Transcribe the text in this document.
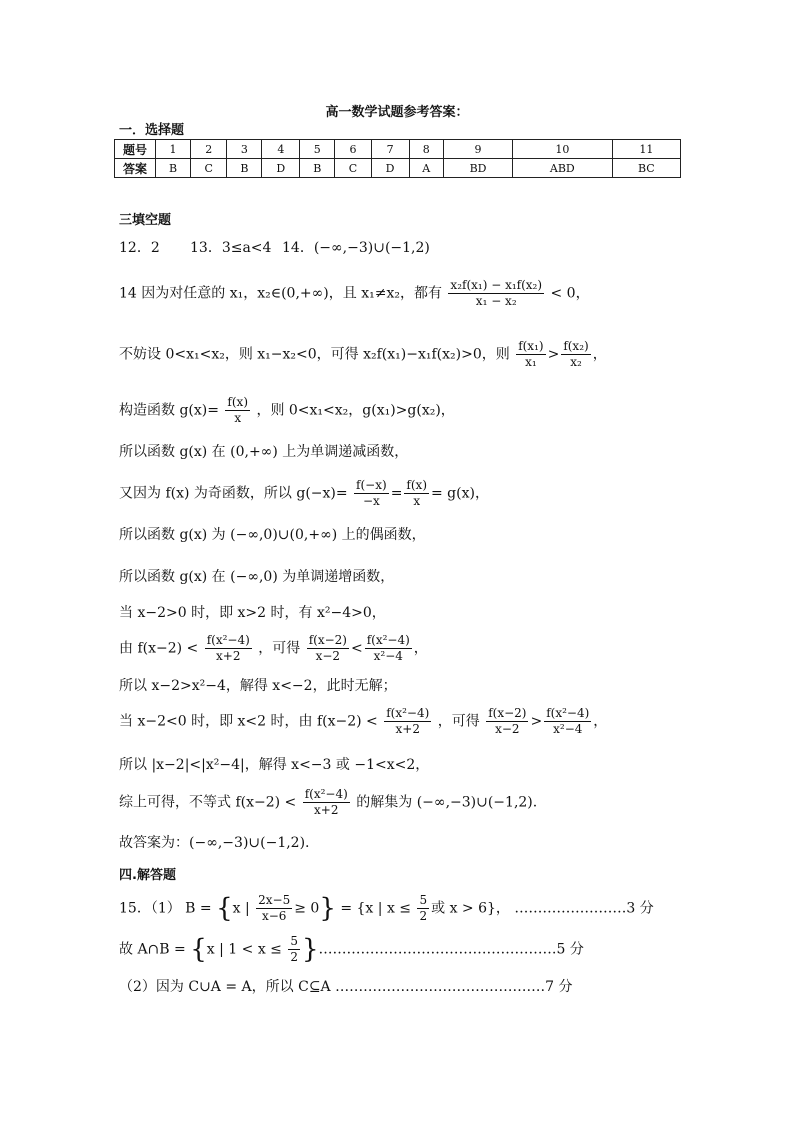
高一数学试题参考答案：
一．选择题
题号	1	2	3	4	5	6	7	8	9	10	11
答案	B	C	B	D	B	C	D	A	BD	ABD	BC
三填空题
12．2 13．3≤a<4 14．(−∞,−3)∪(−1,2)
14 因为对任意的 x₁，x₂∈(0,+∞)，且 x₁≠x₂，都有 $\frac{\text{x₂f(x₁) − x₁f(x₂)}}{\text{x₁ − x₂}} < 0$，
不妨设 0<x₁<x₂，则 x₁−x₂<0，可得 x₂f(x₁)−x₁f(x₂)>0，则 $\frac{\text{f(x₁)}}{\text{x₁}} > \frac{\text{f(x₂)}}{\text{x₂}}$ ，
构造函数 $g(x)= \frac{f(x)}{x}$ ，则 0<x₁<x₂，g(x₁)>g(x₂)，
所以函数 g(x) 在 (0,+∞) 上为单调递减函数，
又因为 f(x) 为奇函数，所以 $g(-x)= \frac{f(-x)}{-x} = \frac{f(x)}{x} = g(x)$，
所以函数 g(x) 为 (−∞,0)∪(0,+∞) 上的偶函数，
所以函数 g(x) 在 (−∞,0) 为单调递增函数，
当 x−2>0 时，即 x>2 时，有 x²−4>0，
由 $f(x-2) < \frac{\text{f(x²−4)}}{x+2}$ ，可得 $\frac{f(x-2)}{x-2} < \frac{\text{f(x²−4)}}{\text{x²−4}}$ ，
所以 x−2>x²−4，解得 x<−2，此时无解；
当 x−2<0 时，即 x<2 时，由 $f(x-2) < \frac{\text{f(x²−4)}}{x+2}$ ，可得 $\frac{f(x-2)}{x-2} > \frac{\text{f(x²−4)}}{\text{x²−4}}$ ，
所以 |x−2|<|x²−4|，解得 x<−3 或 −1<x<2，
综上可得，不等式 $f(x-2) < \frac{\text{f(x²−4)}}{x+2}$ 的解集为 (−∞,−3)∪(−1,2).
故答案为：(−∞,−3)∪(−1,2).
四.解答题
15．（1） B = {x | $\frac{2x-5}{x-6} \ge 0\} = \{x$ | $x \le \frac{5}{2}$ 或 x > 6}， ……………………3 分
故 A∩B = {x | $1 < x \le \frac{5}{2}$ }……………………………………………5 分
（2）因为 C∪A = A，所以 C⊆A ………………………………………7 分
